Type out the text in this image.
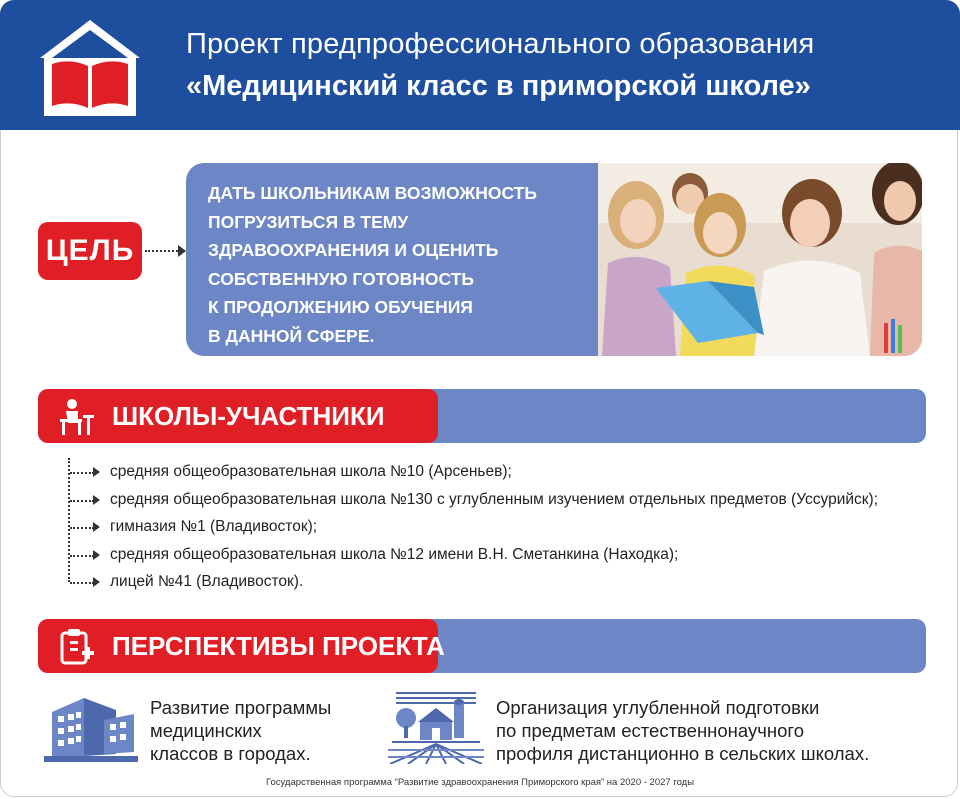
Проект предпрофессионального образования
«Медицинский класс в приморской школе»
ЦЕЛЬ
ДАТЬ ШКОЛЬНИКАМ ВОЗМОЖНОСТЬ
ПОГРУЗИТЬСЯ В ТЕМУ
ЗДРАВООХРАНЕНИЯ И ОЦЕНИТЬ
СОБСТВЕННУЮ ГОТОВНОСТЬ
К ПРОДОЛЖЕНИЮ ОБУЧЕНИЯ
В ДАННОЙ СФЕРЕ.
ШКОЛЫ-УЧАСТНИКИ
средняя общеобразовательная школа №10 (Арсеньев);
средняя общеобразовательная школа №130 с углубленным изучением отдельных предметов (Уссурийск);
гимназия №1 (Владивосток);
средняя общеобразовательная школа №12 имени В.Н. Сметанкина (Находка);
лицей №41 (Владивосток).
ПЕРСПЕКТИВЫ ПРОЕКТА
Развитие программы
медицинских
классов в городах.
Организация углубленной подготовки
по предметам естественнонаучного
профиля дистанционно в сельских школах.
Государственная программа “Развитие здравоохранения Приморского края” на 2020 - 2027 годы
